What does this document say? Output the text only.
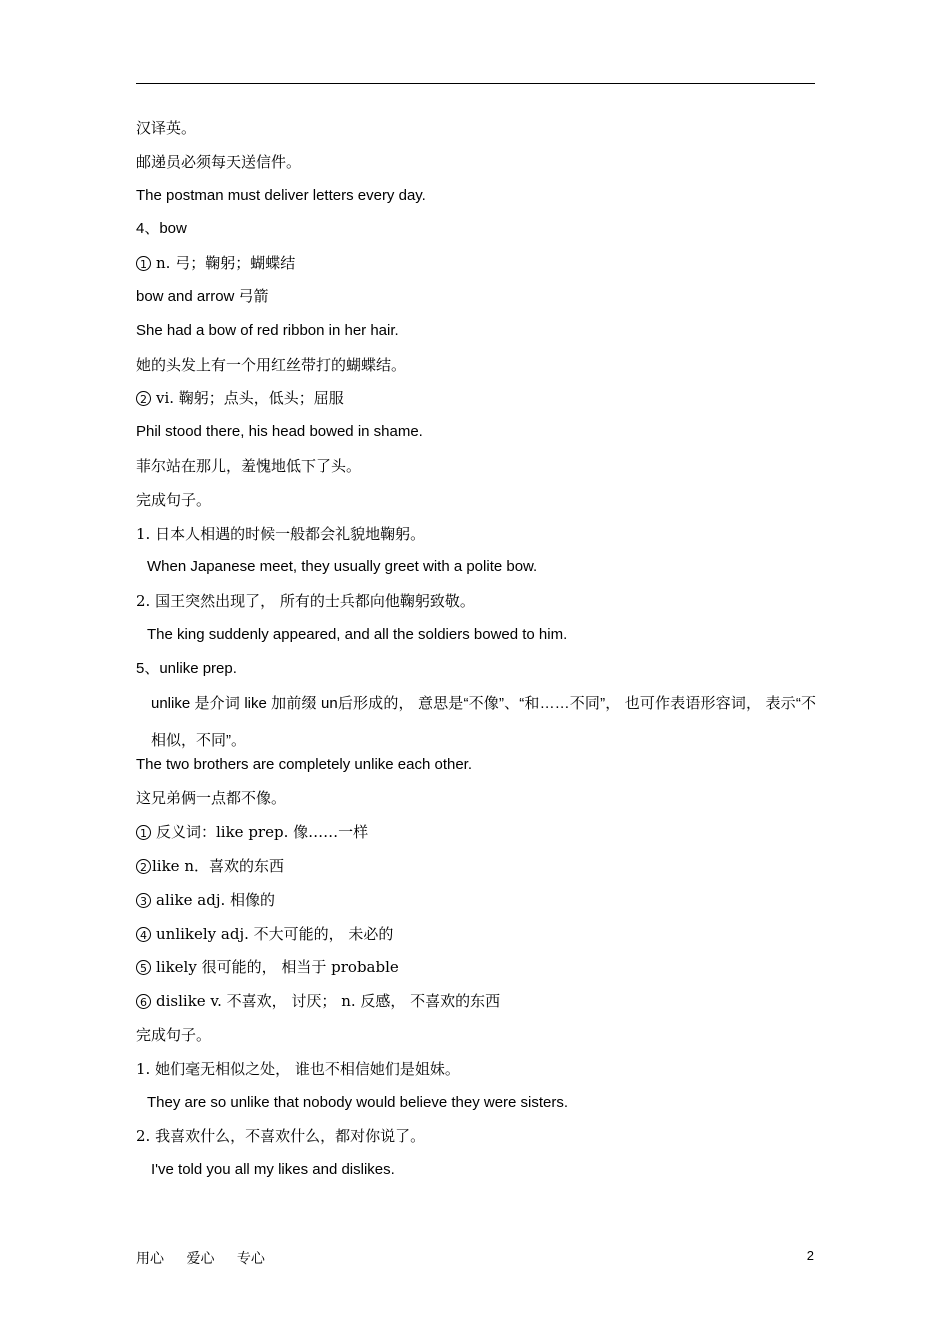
汉译英。
邮递员必须每天送信件。
The postman must deliver letters every day.
4、bow
1 n. 弓；鞠躬；蝴蝶结
bow and arrow 弓箭
She had a bow of red ribbon in her hair.
她的头发上有一个用红丝带打的蝴蝶结。
2 vi. 鞠躬；点头，低头；屈服
Phil stood there, his head bowed in shame.
菲尔站在那儿，羞愧地低下了头。
完成句子。
1. 日本人相遇的时候一般都会礼貌地鞠躬。
When Japanese meet, they usually greet with a polite bow.
2. 国王突然出现了， 所有的士兵都向他鞠躬致敬。
The king suddenly appeared, and all the soldiers bowed to him.
5、unlike prep.
unlike 是介词 like 加前缀 un后形成的， 意思是“不像”、“和……不同”， 也可作表语形容词， 表示“不相似，不同”。
The two brothers are completely unlike each other.
这兄弟俩一点都不像。
1 反义词：like prep. 像……一样
2 like n．喜欢的东西
3 alike adj. 相像的
4 unlikely adj. 不大可能的， 未必的
5 likely 很可能的， 相当于 probable
6 dislike v. 不喜欢， 讨厌； n. 反感， 不喜欢的东西
完成句子。
1. 她们毫无相似之处， 谁也不相信她们是姐妹。
They are so unlike that nobody would believe they were sisters.
2. 我喜欢什么，不喜欢什么，都对你说了。
I've told you all my likes and dislikes.
用心 爱心 专心	2
